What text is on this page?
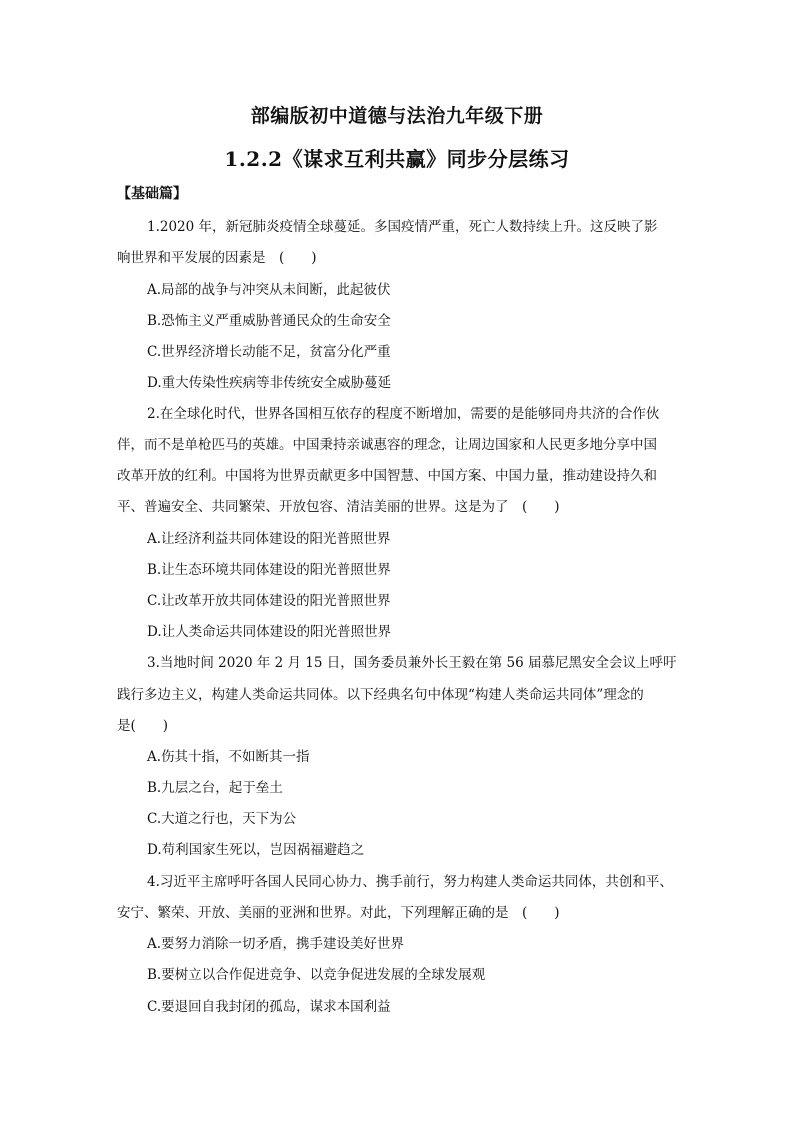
部编版初中道德与法治九年级下册
1.2.2《谋求互利共赢》同步分层练习
【基础篇】
1.2020 年，新冠肺炎疫情全球蔓延。多国疫情严重，死亡人数持续上升。这反映了影
响世界和平发展的因素是　(　　)
A.局部的战争与冲突从未间断，此起彼伏
B.恐怖主义严重威胁普通民众的生命安全
C.世界经济增长动能不足，贫富分化严重
D.重大传染性疾病等非传统安全威胁蔓延
2.在全球化时代，世界各国相互依存的程度不断增加，需要的是能够同舟共济的合作伙
伴，而不是单枪匹马的英雄。中国秉持亲诚惠容的理念，让周边国家和人民更多地分享中国
改革开放的红利。中国将为世界贡献更多中国智慧、中国方案、中国力量，推动建设持久和
平、普遍安全、共同繁荣、开放包容、清洁美丽的世界。这是为了　(　　)
A.让经济利益共同体建设的阳光普照世界
B.让生态环境共同体建设的阳光普照世界
C.让改革开放共同体建设的阳光普照世界
D.让人类命运共同体建设的阳光普照世界
3.当地时间 2020 年 2 月 15 日，国务委员兼外长王毅在第 56 届慕尼黑安全会议上呼吁
践行多边主义，构建人类命运共同体。以下经典名句中体现“构建人类命运共同体”理念的
是(　　)
A.伤其十指，不如断其一指
B.九层之台，起于垒土
C.大道之行也，天下为公
D.苟利国家生死以，岂因祸福避趋之
4.习近平主席呼吁各国人民同心协力、携手前行，努力构建人类命运共同体，共创和平、
安宁、繁荣、开放、美丽的亚洲和世界。对此，下列理解正确的是　(　　)
A.要努力消除一切矛盾，携手建设美好世界
B.要树立以合作促进竞争、以竞争促进发展的全球发展观
C.要退回自我封闭的孤岛，谋求本国利益
